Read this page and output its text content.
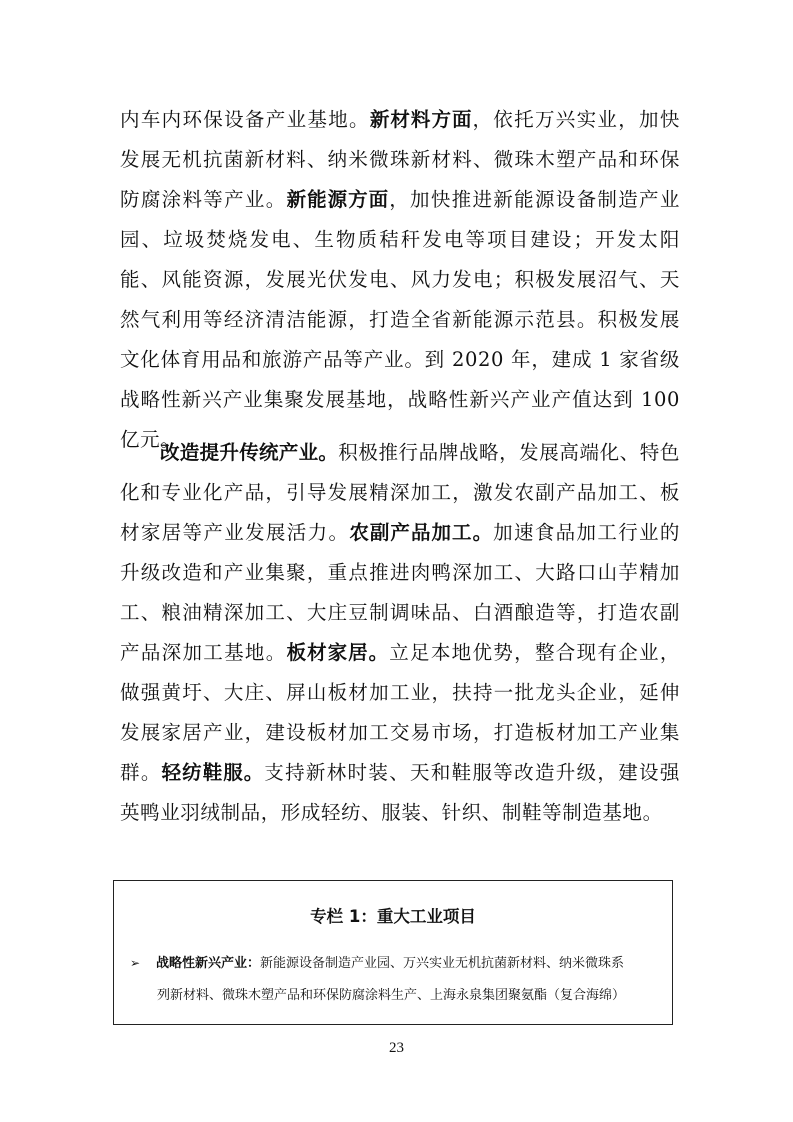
内车内环保设备产业基地。新材料方面，依托万兴实业，加快发展无机抗菌新材料、纳米微珠新材料、微珠木塑产品和环保防腐涂料等产业。新能源方面，加快推进新能源设备制造产业园、垃圾焚烧发电、生物质秸秆发电等项目建设；开发太阳能、风能资源，发展光伏发电、风力发电；积极发展沼气、天然气利用等经济清洁能源，打造全省新能源示范县。积极发展文化体育用品和旅游产品等产业。到 2020 年，建成 1 家省级战略性新兴产业集聚发展基地，战略性新兴产业产值达到 100 亿元。

改造提升传统产业。积极推行品牌战略，发展高端化、特色化和专业化产品，引导发展精深加工，激发农副产品加工、板材家居等产业发展活力。农副产品加工。加速食品加工行业的升级改造和产业集聚，重点推进肉鸭深加工、大路口山芋精加工、粮油精深加工、大庄豆制调味品、白酒酿造等，打造农副产品深加工基地。板材家居。立足本地优势，整合现有企业，做强黄圩、大庄、屏山板材加工业，扶持一批龙头企业，延伸发展家居产业，建设板材加工交易市场，打造板材加工产业集群。轻纺鞋服。支持新林时装、天和鞋服等改造升级，建设强英鸭业羽绒制品，形成轻纺、服装、针织、制鞋等制造基地。

专栏 1：重大工业项目

➢ 战略性新兴产业：新能源设备制造产业园、万兴实业无机抗菌新材料、纳米微珠系
列新材料、微珠木塑产品和环保防腐涂料生产、上海永泉集团聚氨酯（复合海绵）

23
